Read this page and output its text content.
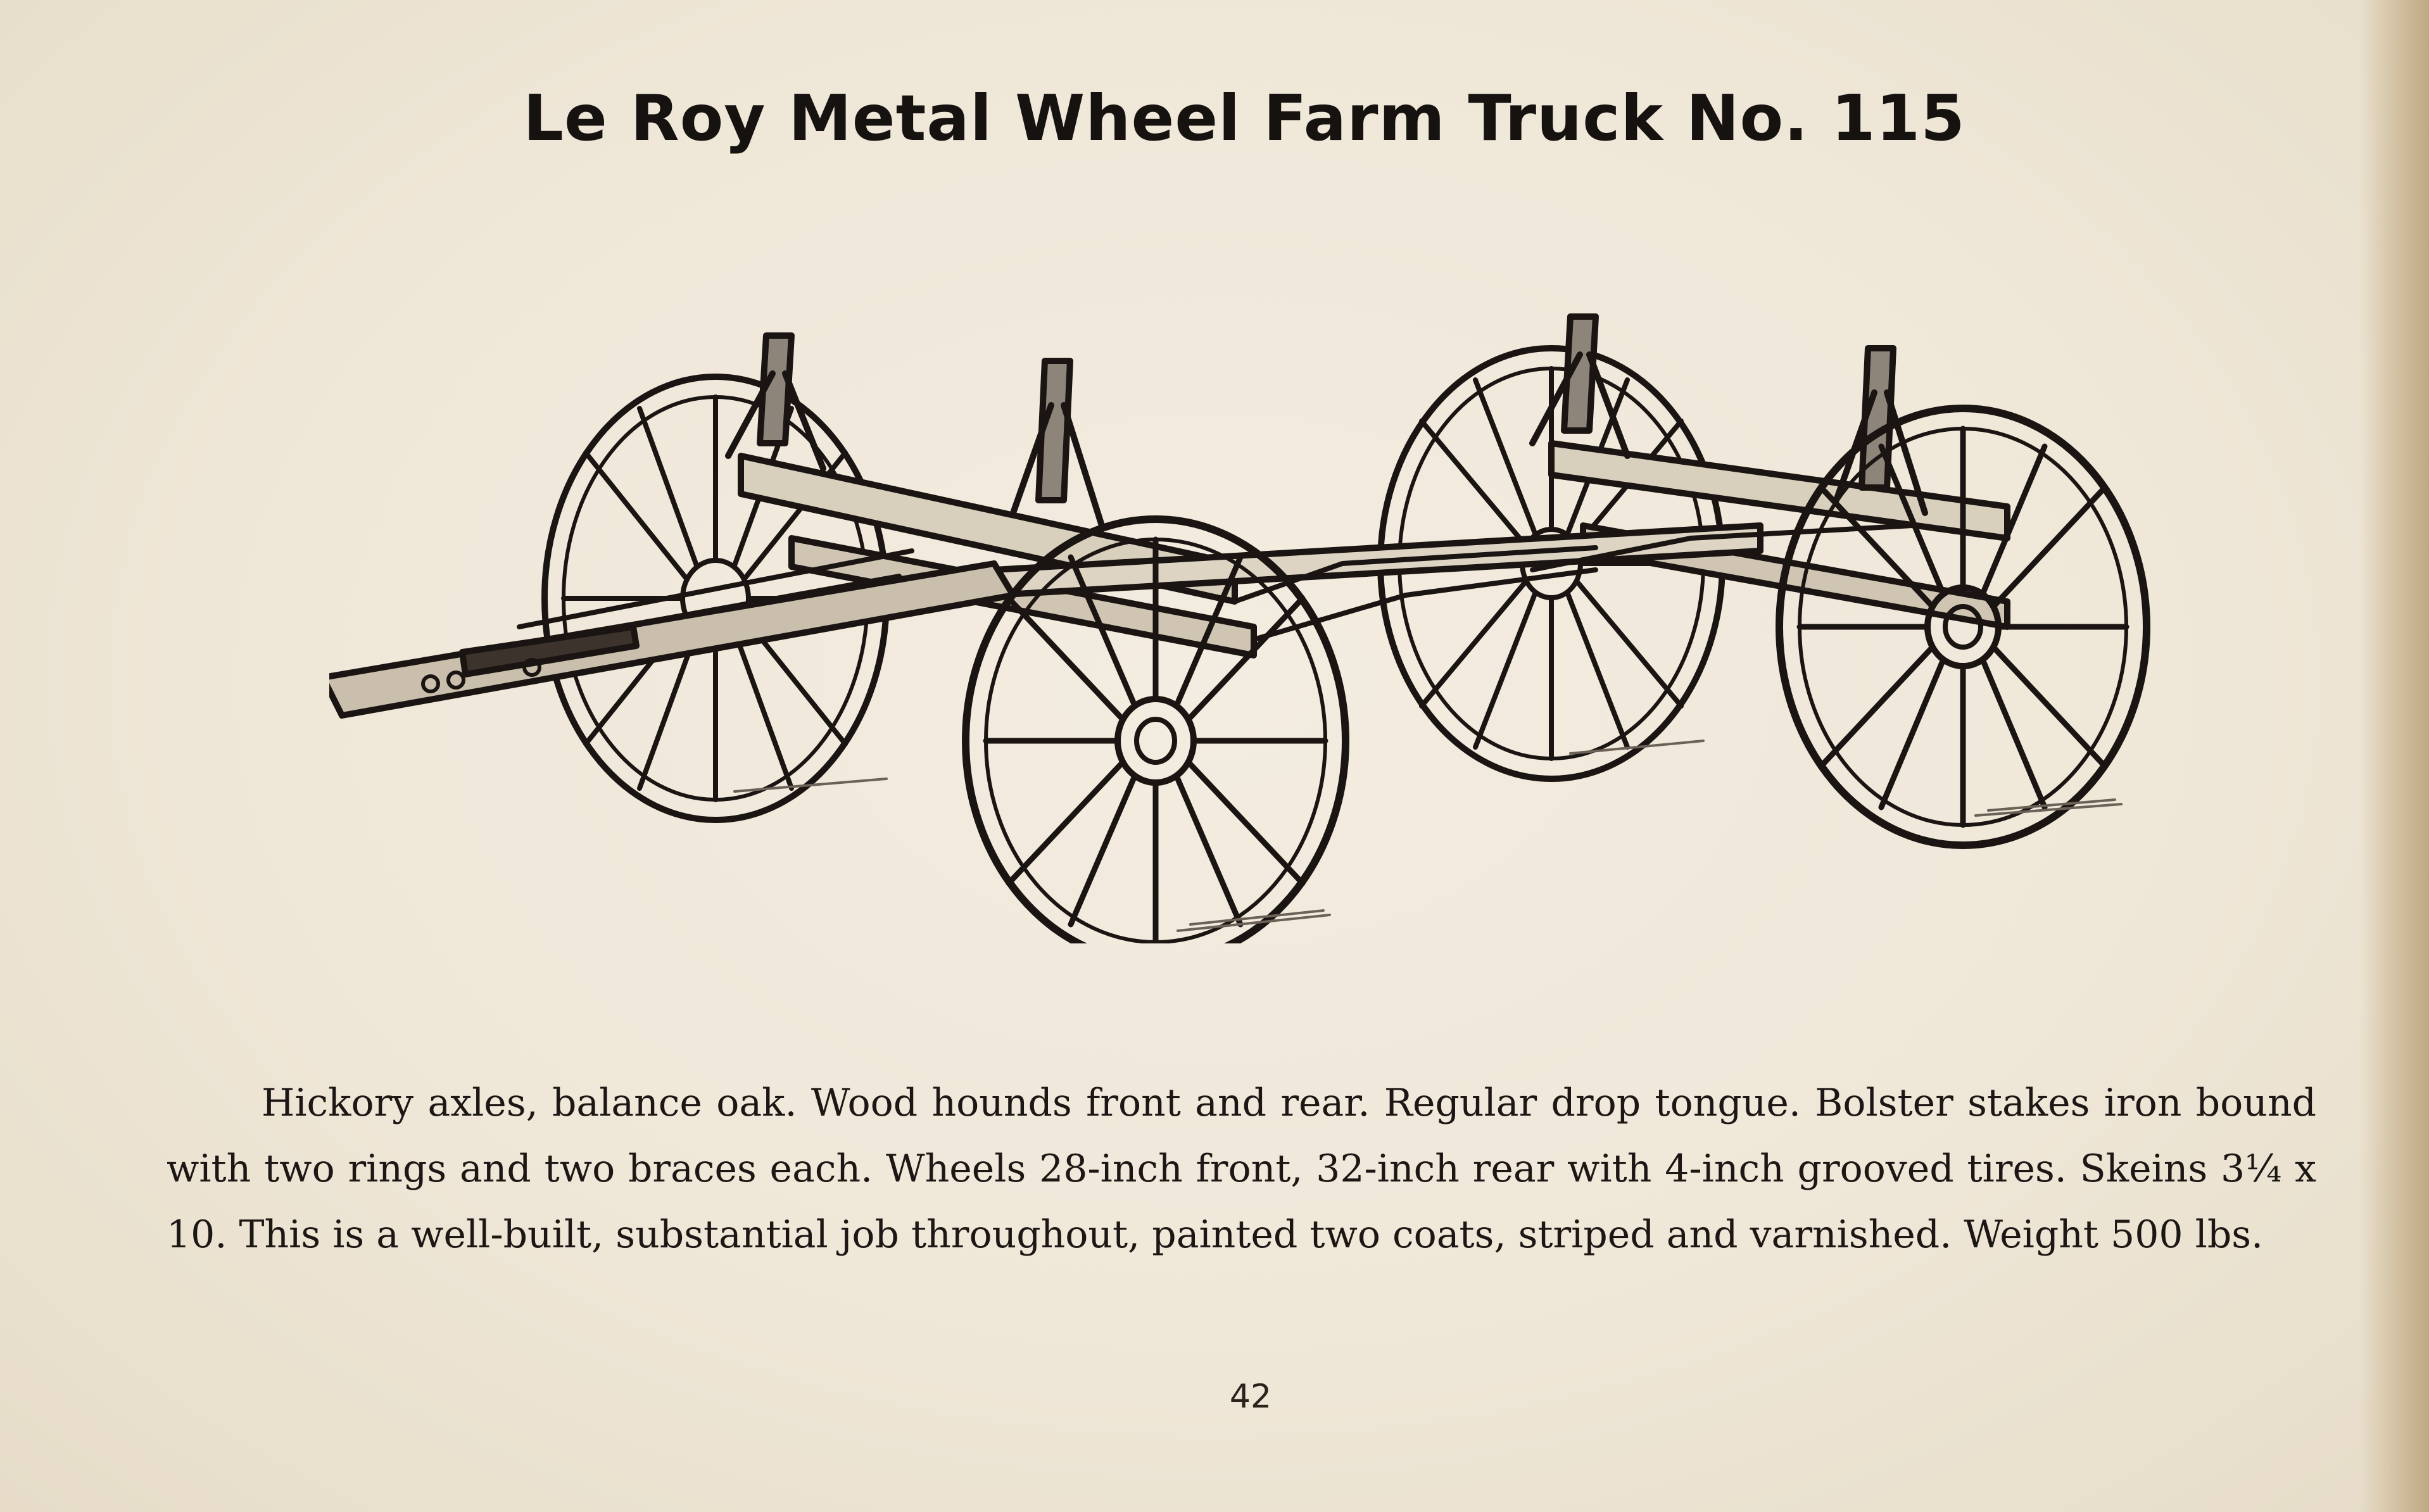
Le Roy Metal Wheel Farm Truck No. 115

Hickory axles, balance oak. Wood hounds front and rear. Regular drop tongue. Bolster stakes iron bound with two rings and two braces each. Wheels 28-inch front, 32-inch rear with 4-inch grooved tires. Skeins 3¼ x 10. This is a well-built, substantial job throughout, painted two coats, striped and varnished. Weight 500 lbs.

42
